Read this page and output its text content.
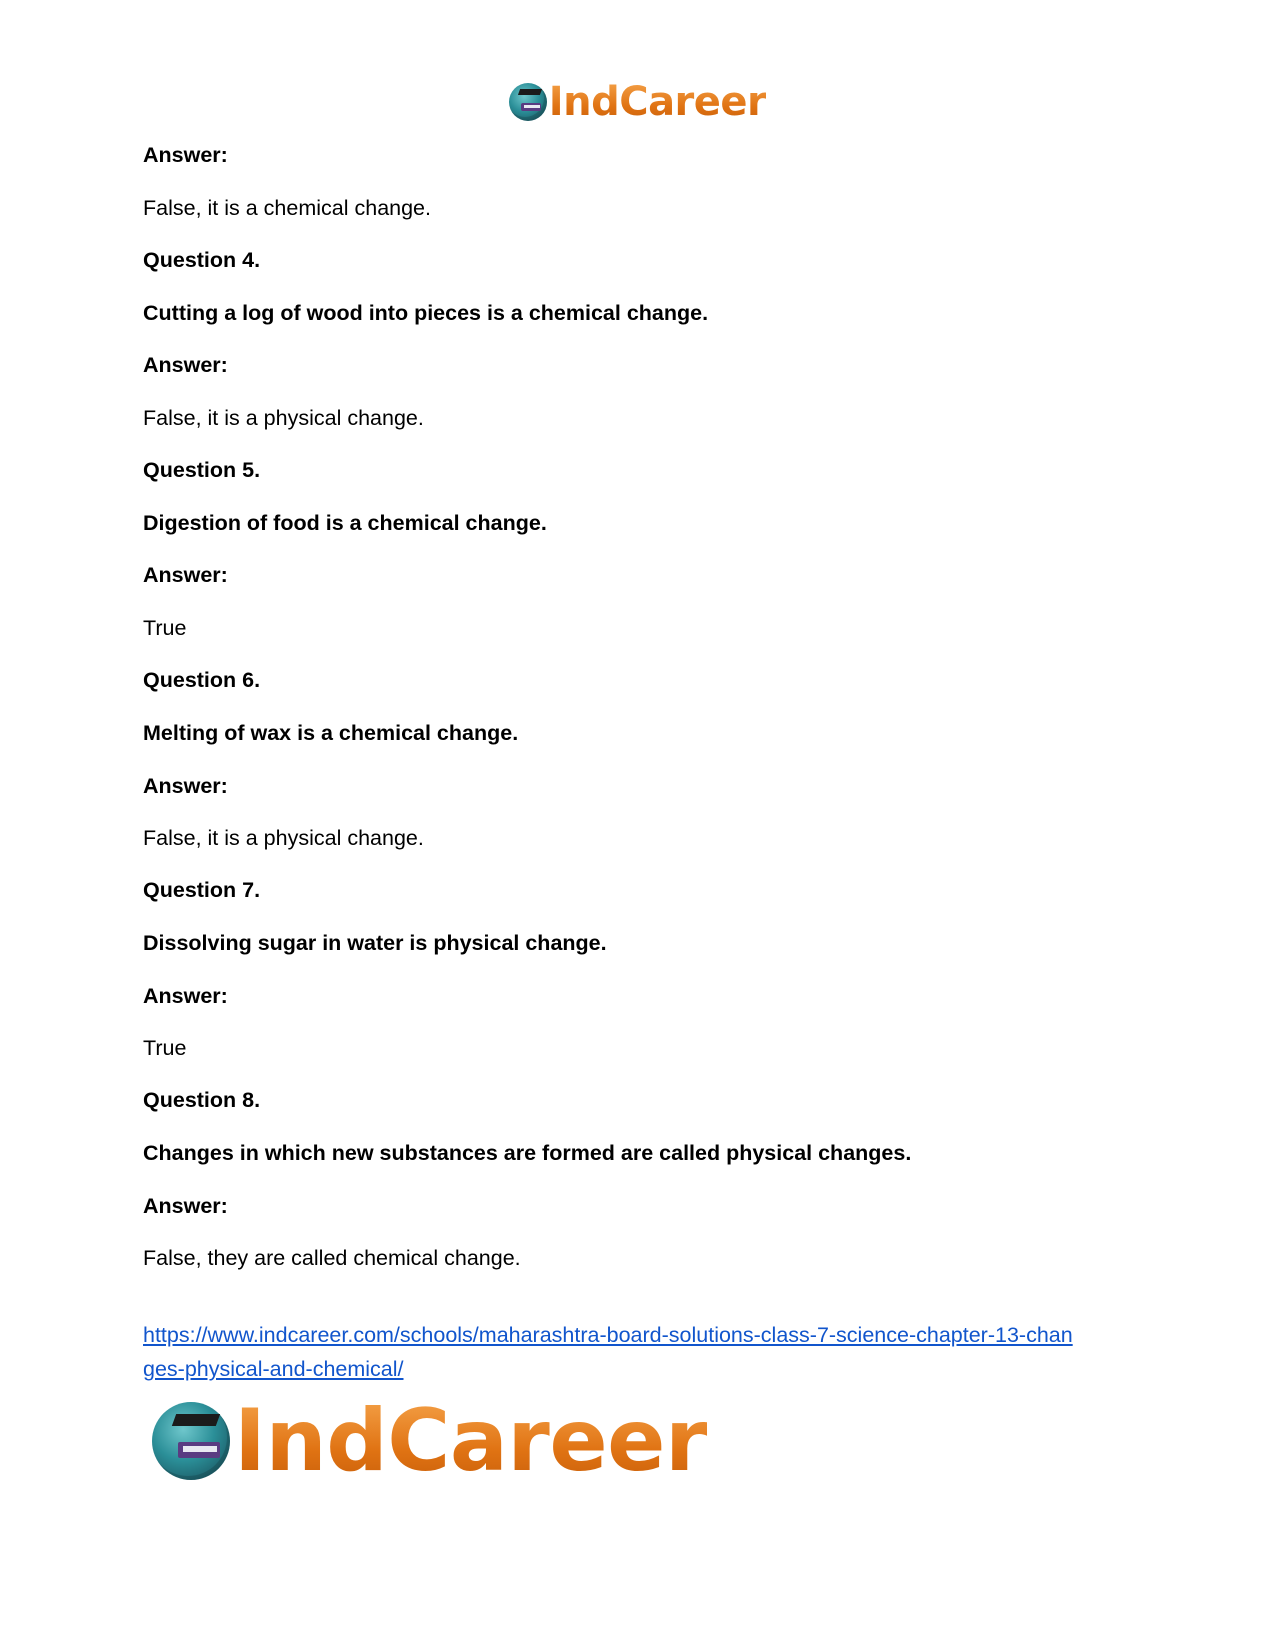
IndCareer
Answer:
False, it is a chemical change.
Question 4.
Cutting a log of wood into pieces is a chemical change.
Answer:
False, it is a physical change.
Question 5.
Digestion of food is a chemical change.
Answer:
True
Question 6.
Melting of wax is a chemical change.
Answer:
False, it is a physical change.
Question 7.
Dissolving sugar in water is physical change.
Answer:
True
Question 8.
Changes in which new substances are formed are called physical changes.
Answer:
False, they are called chemical change.
https://www.indcareer.com/schools/maharashtra-board-solutions-class-7-science-chapter-13-changes-physical-and-chemical/
IndCareer
